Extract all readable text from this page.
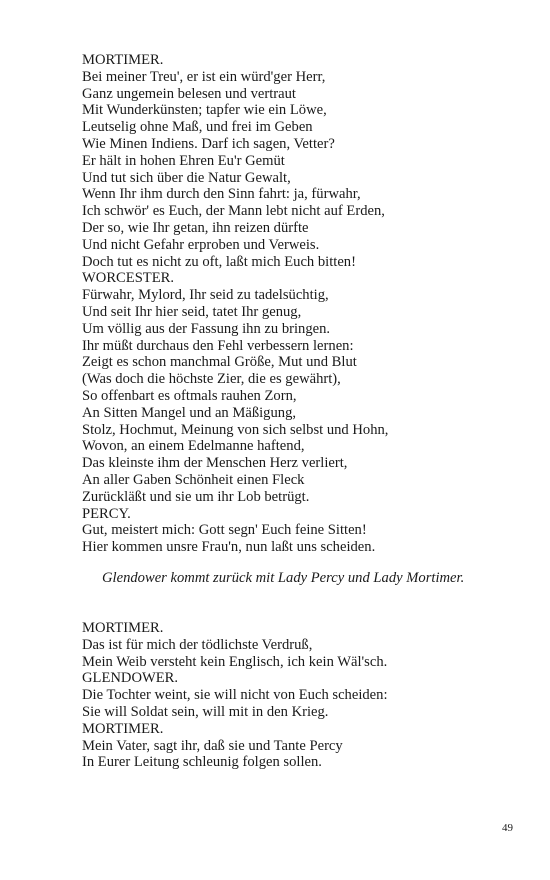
MORTIMER.
Bei meiner Treu', er ist ein würd'ger Herr,
Ganz ungemein belesen und vertraut
Mit Wunderkünsten; tapfer wie ein Löwe,
Leutselig ohne Maß, und frei im Geben
Wie Minen Indiens. Darf ich sagen, Vetter?
Er hält in hohen Ehren Eu'r Gemüt
Und tut sich über die Natur Gewalt,
Wenn Ihr ihm durch den Sinn fahrt: ja, fürwahr,
Ich schwör' es Euch, der Mann lebt nicht auf Erden,
Der so, wie Ihr getan, ihn reizen dürfte
Und nicht Gefahr erproben und Verweis.
Doch tut es nicht zu oft, laßt mich Euch bitten!
WORCESTER.
Fürwahr, Mylord, Ihr seid zu tadelsüchtig,
Und seit Ihr hier seid, tatet Ihr genug,
Um völlig aus der Fassung ihn zu bringen.
Ihr müßt durchaus den Fehl verbessern lernen:
Zeigt es schon manchmal Größe, Mut und Blut
(Was doch die höchste Zier, die es gewährt),
So offenbart es oftmals rauhen Zorn,
An Sitten Mangel und an Mäßigung,
Stolz, Hochmut, Meinung von sich selbst und Hohn,
Wovon, an einem Edelmanne haftend,
Das kleinste ihm der Menschen Herz verliert,
An aller Gaben Schönheit einen Fleck
Zurückläßt und sie um ihr Lob betrügt.
PERCY.
Gut, meistert mich: Gott segn' Euch feine Sitten!
Hier kommen unsre Frau'n, nun laßt uns scheiden.
Glendower kommt zurück mit Lady Percy und Lady Mortimer.
MORTIMER.
Das ist für mich der tödlichste Verdruß,
Mein Weib versteht kein Englisch, ich kein Wäl'sch.
GLENDOWER.
Die Tochter weint, sie will nicht von Euch scheiden:
Sie will Soldat sein, will mit in den Krieg.
MORTIMER.
Mein Vater, sagt ihr, daß sie und Tante Percy
In Eurer Leitung schleunig folgen sollen.
49
